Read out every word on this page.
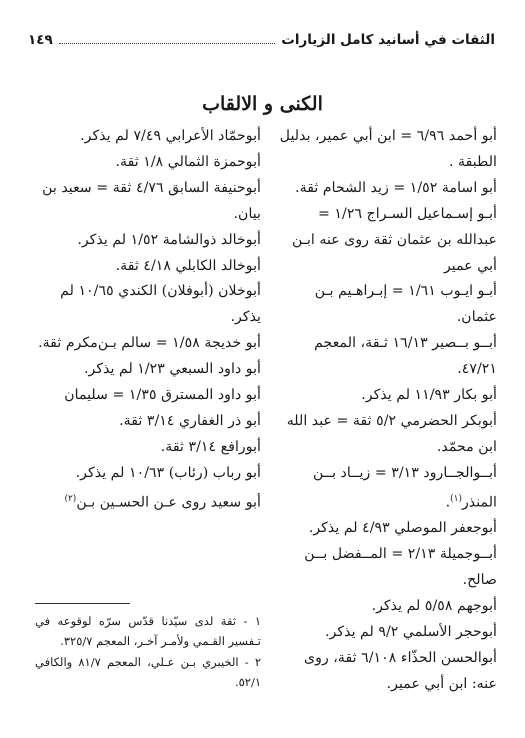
الثقات في أسانيد كامل الزيارات
١٤٩
الكنى و الالقاب

أبو أحمد ٦/٩٦ = ابن أبي عمير، بدليل الطبقة .

أبو اسامة ١/٥٢ = زيد الشحام ثقة.

أبـو إسـماعيل السـراج ١/٢٦ = عبدالله بن عثمان ثقة روى عنه ابـن أبي عمير

أبـو ايـوب ١/٦١ = إبـراهـيم بـن عثمان.

أبــو بــصير ١٦/١٣ ثـقة، المعجم ٤٧/٢١.

أبو بكار ١١/٩٣ لم يذكر.

أبوبكر الحضرمي ٥/٢ ثقة = عبد الله ابن محمّد.

أبــوالجــارود ٣/١٣ = زيــاد بــن المنذر$^{(١)}$.

أبوجعفر الموصلي ٤/٩٣ لم يذكر.

أبــوجميلة ٢/١٣ = المــفضل بــن صالح.

أبوجهم ٥/٥٨ لم يذكر.

أبوحجر الأسلمي ٩/٢ لم يذكر.

أبوالحسن الحذّاء ٦/١٠٨ ثقة، روى عنه: ابن أبي عمير.

أبوحمّاد الأعرابي ٧/٤٩ لم يذكر.

أبوحمزة الثمالي ١/٨ ثقة.

أبوحنيفة السابق ٤/٧٦ ثقة = سعيد بن بيان.

أبوخالد ذوالشامة ١/٥٢ لم يذكر.

أبوخالد الكابلي ٤/١٨ ثقة.

أبوخلان (أبوفلان) الكندي ١٠/٦٥ لم يذكر.

أبو خديجة ١/٥٨ = سالم بـن‌مكرم ثقة.

أبو داود السبعي ١/٢٣ لم يذكر.

أبو داود المسترق ١/٣٥ = سليمان

أبو ذر الغفاري ٣/١٤ ثقة.

أبورافع ٣/١٤ ثقة.

أبو رباب (رئاب) ١٠/٦٣ لم يذكر.

أبو سعيد روى عـن الحسـين بـن$^{(٢)}$

١ - ثقة لدى سيّدنا قدّس سرّه لوقوعه في تـفسير القـمي ولأمـر آخـر، المعجم ٣٢٥/٧.

٢ - الخيبري بـن عـلي، المعجم ٨١/٧ والكافي ٥٢/١.
